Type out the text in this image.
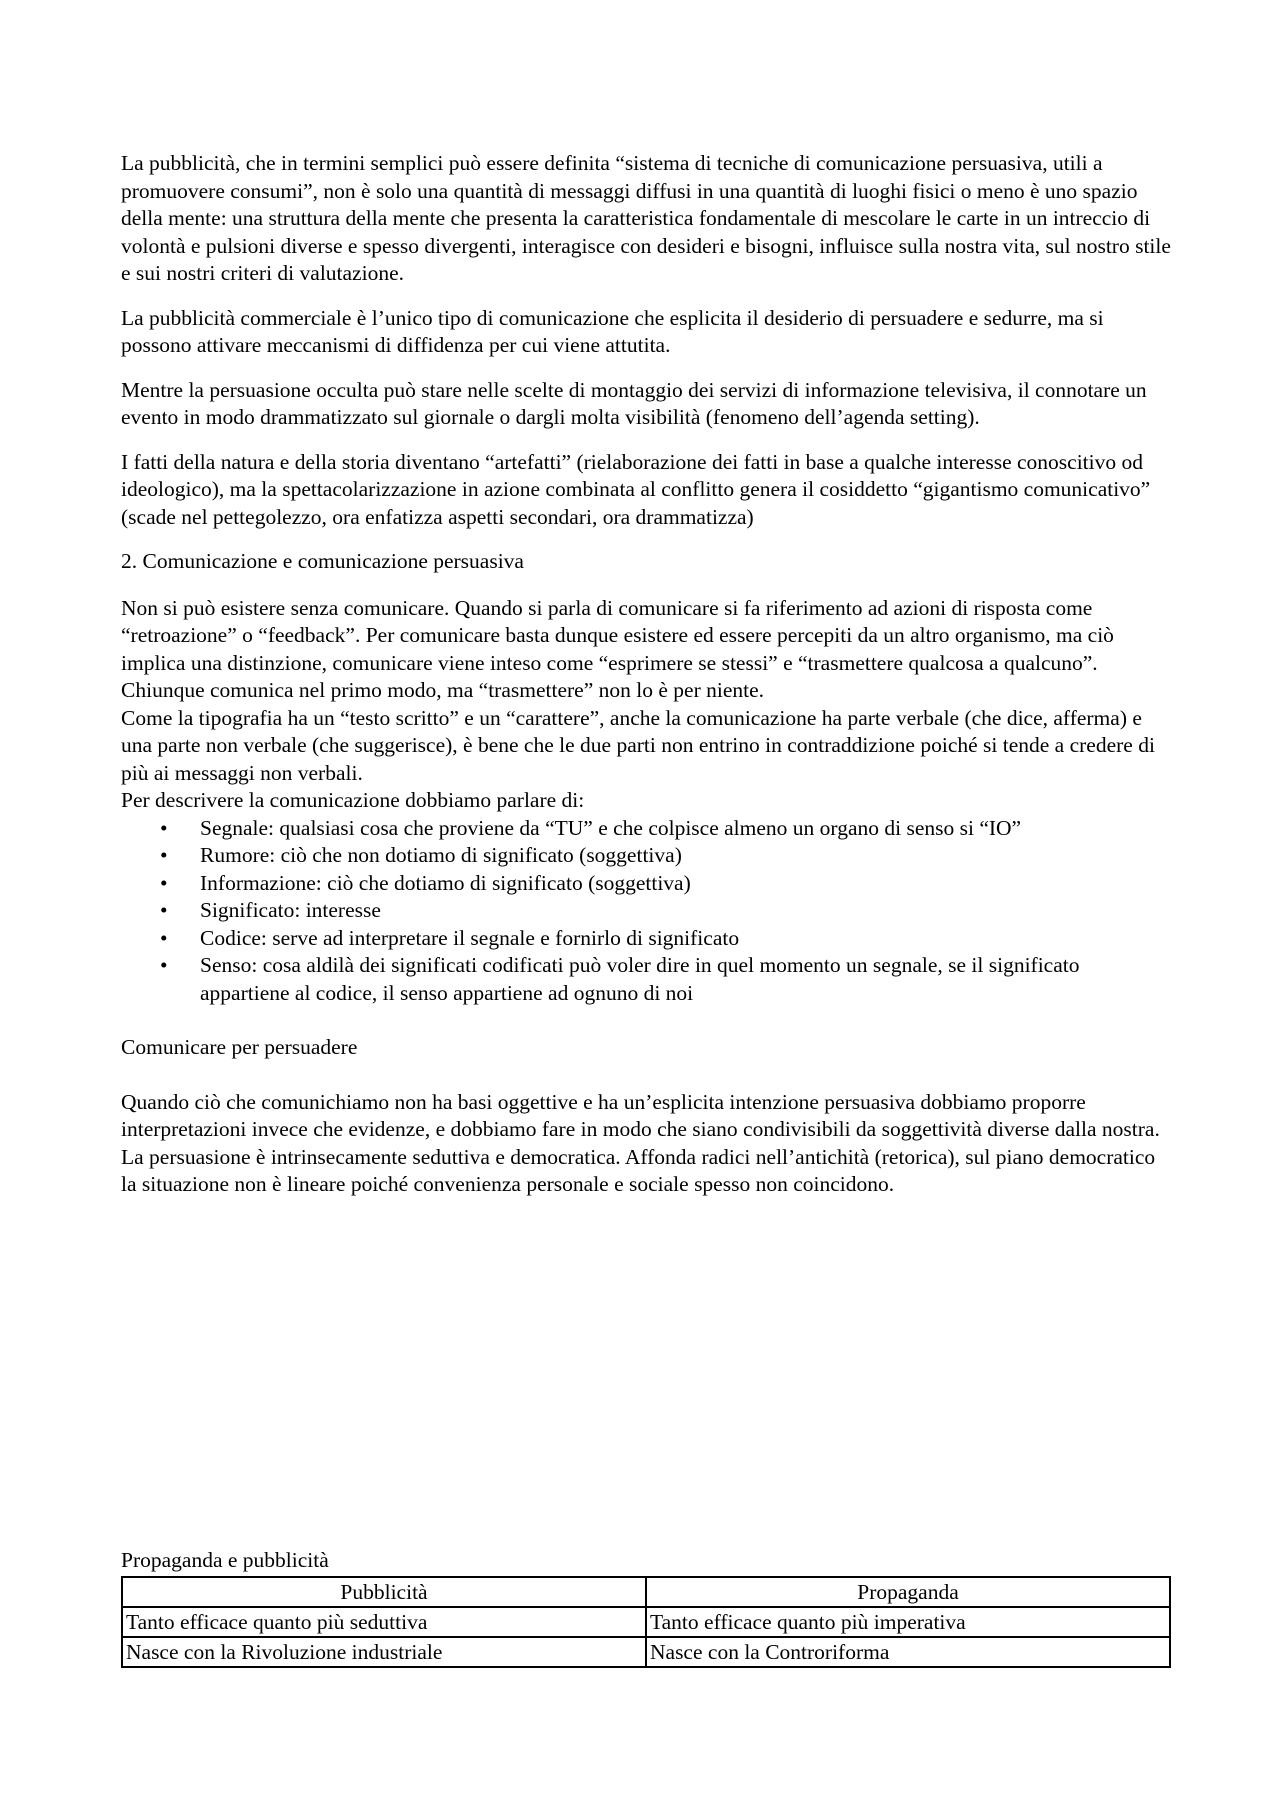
La pubblicità, che in termini semplici può essere definita “sistema di tecniche di comunicazione persuasiva, utili a promuovere consumi”, non è solo una quantità di messaggi diffusi in una quantità di luoghi fisici o meno è uno spazio della mente: una struttura della mente che presenta la caratteristica fondamentale di mescolare le carte in un intreccio di volontà e pulsioni diverse e spesso divergenti, interagisce con desideri e bisogni, influisce sulla nostra vita, sul nostro stile e sui nostri criteri di valutazione.

La pubblicità commerciale è l’unico tipo di comunicazione che esplicita il desiderio di persuadere e sedurre, ma si possono attivare meccanismi di diffidenza per cui viene attutita.

Mentre la persuasione occulta può stare nelle scelte di montaggio dei servizi di informazione televisiva, il connotare un evento in modo drammatizzato sul giornale o dargli molta visibilità (fenomeno dell’agenda setting).

I fatti della natura e della storia diventano “artefatti” (rielaborazione dei fatti in base a qualche interesse conoscitivo od ideologico), ma la spettacolarizzazione in azione combinata al conflitto genera il cosiddetto “gigantismo comunicativo” (scade nel pettegolezzo, ora enfatizza aspetti secondari, ora drammatizza)

2. Comunicazione e comunicazione persuasiva

Non si può esistere senza comunicare. Quando si parla di comunicare si fa riferimento ad azioni di risposta come “retroazione” o “feedback”. Per comunicare basta dunque esistere ed essere percepiti da un altro organismo, ma ciò implica una distinzione, comunicare viene inteso come “esprimere se stessi” e “trasmettere qualcosa a qualcuno”. Chiunque comunica nel primo modo, ma “trasmettere” non lo è per niente.

Come la tipografia ha un “testo scritto” e un “carattere”, anche la comunicazione ha parte verbale (che dice, afferma) e una parte non verbale (che suggerisce), è bene che le due parti non entrino in contraddizione poiché si tende a credere di più ai messaggi non verbali.

Per descrivere la comunicazione dobbiamo parlare di:

• Segnale: qualsiasi cosa che proviene da “TU” e che colpisce almeno un organo di senso si “IO”
• Rumore: ciò che non dotiamo di significato (soggettiva)
• Informazione: ciò che dotiamo di significato (soggettiva)
• Significato: interesse
• Codice: serve ad interpretare il segnale e fornirlo di significato
• Senso: cosa aldilà dei significati codificati può voler dire in quel momento un segnale, se il significato appartiene al codice, il senso appartiene ad ognuno di noi

Comunicare per persuadere

Quando ciò che comunichiamo non ha basi oggettive e ha un’esplicita intenzione persuasiva dobbiamo proporre interpretazioni invece che evidenze, e dobbiamo fare in modo che siano condivisibili da soggettività diverse dalla nostra.

La persuasione è intrinsecamente seduttiva e democratica. Affonda radici nell’antichità (retorica), sul piano democratico la situazione non è lineare poiché convenienza personale e sociale spesso non coincidono.

Propaganda e pubblicità
Pubblicità	Propaganda
Tanto efficace quanto più seduttiva	Tanto efficace quanto più imperativa
Nasce con la Rivoluzione industriale	Nasce con la Controriforma
